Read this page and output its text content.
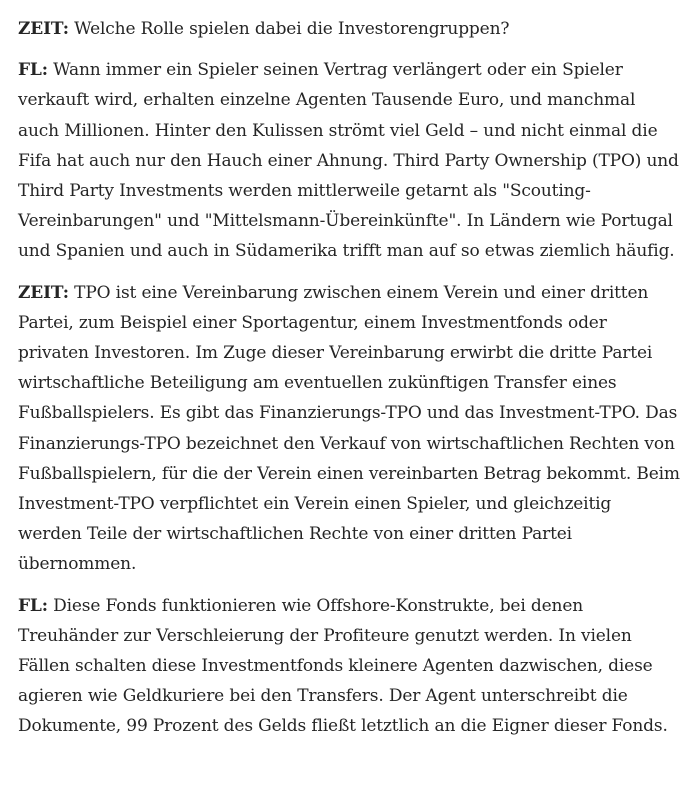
ZEIT: Welche Rolle spielen dabei die Investorengruppen?

FL: Wann immer ein Spieler seinen Vertrag verlängert oder ein Spieler verkauft wird, erhalten einzelne Agenten Tausende Euro, und manchmal auch Millionen. Hinter den Kulissen strömt viel Geld – und nicht einmal die Fifa hat auch nur den Hauch einer Ahnung. Third Party Ownership (TPO) und Third Party Investments werden mittlerweile getarnt als "Scouting-Vereinbarungen" und "Mittelsmann-Übereinkünfte". In Ländern wie Portugal und Spanien und auch in Südamerika trifft man auf so etwas ziemlich häufig.

ZEIT: TPO ist eine Vereinbarung zwischen einem Verein und einer dritten Partei, zum Beispiel einer Sportagentur, einem Investmentfonds oder privaten Investoren. Im Zuge dieser Vereinbarung erwirbt die dritte Partei wirtschaftliche Beteiligung am eventuellen zukünftigen Transfer eines Fußballspielers. Es gibt das Finanzierungs-TPO und das Investment-TPO. Das Finanzierungs-TPO bezeichnet den Verkauf von wirtschaftlichen Rechten von Fußballspielern, für die der Verein einen vereinbarten Betrag bekommt. Beim Investment-TPO verpflichtet ein Verein einen Spieler, und gleichzeitig werden Teile der wirtschaftlichen Rechte von einer dritten Partei übernommen.

FL: Diese Fonds funktionieren wie Offshore-Konstrukte, bei denen Treuhänder zur Verschleierung der Profiteure genutzt werden. In vielen Fällen schalten diese Investmentfonds kleinere Agenten dazwischen, diese agieren wie Geldkuriere bei den Transfers. Der Agent unterschreibt die Dokumente, 99 Prozent des Gelds fließt letztlich an die Eigner dieser Fonds.
